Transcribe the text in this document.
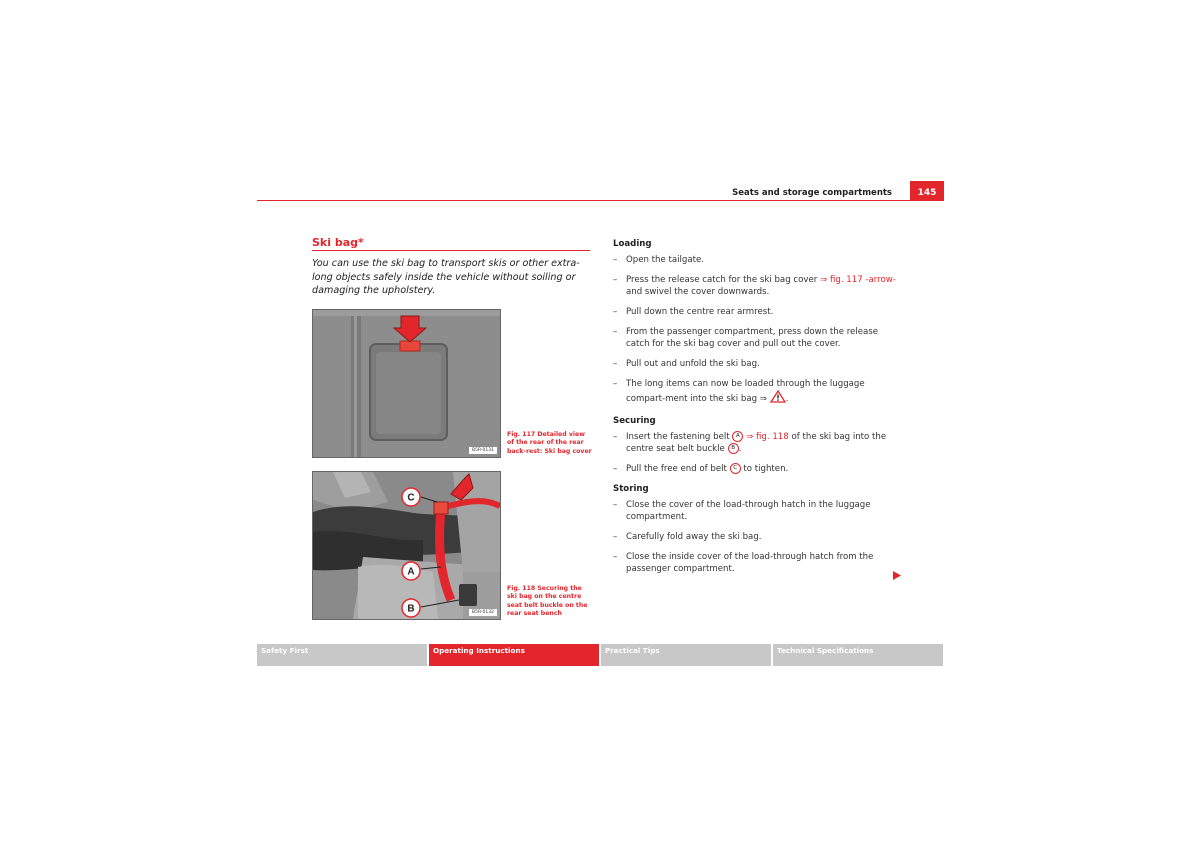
Seats and storage compartments	145
Ski bag*
You can use the ski bag to transport skis or other extra-long objects safely inside the vehicle without soiling or damaging the upholstery.
B5R-0131
Fig. 117 Detailed view of the rear of the rear back-rest: Ski bag cover
C
A
B	B5R-0132
Fig. 118 Securing the ski bag on the centre seat belt buckle on the rear seat bench
Loading
– Open the tailgate.
– Press the release catch for the ski bag cover ⇒ fig. 117 -arrow- and swivel the cover downwards.
– Pull down the centre rear armrest.
– From the passenger compartment, press down the release catch for the ski bag cover and pull out the cover.
– Pull out and unfold the ski bag.
– The long items can now be loaded through the luggage compart-ment into the ski bag ⇒ .
Securing
– Insert the fastening belt A ⇒ fig. 118 of the ski bag into the centre seat belt buckle B .
– Pull the free end of belt C to tighten.
Storing
– Close the cover of the load-through hatch in the luggage compartment.
– Carefully fold away the ski bag.
– Close the inside cover of the load-through hatch from the passenger compartment.
Safety First	Operating Instructions	Practical Tips	Technical Specifications
